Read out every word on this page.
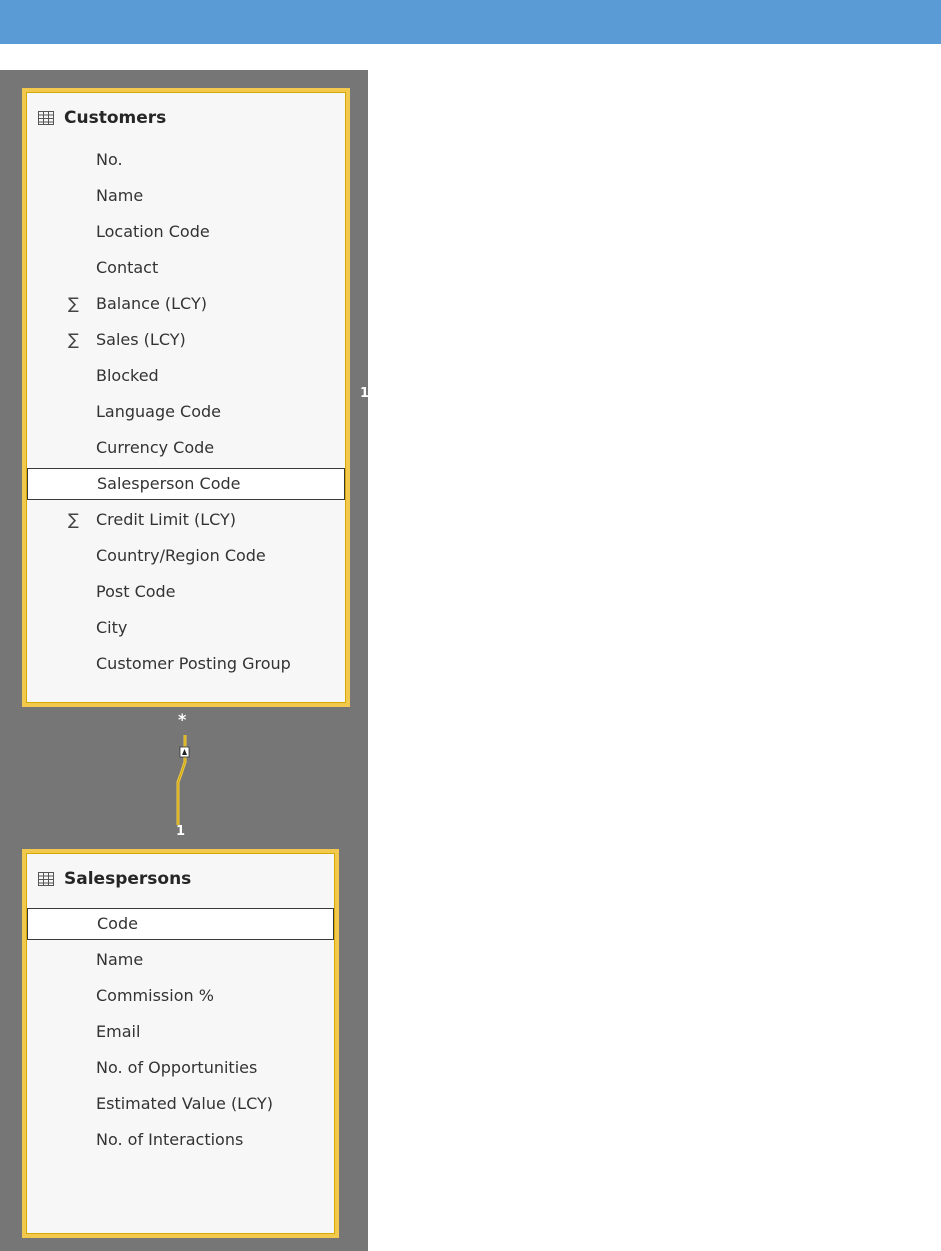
Customers
No.
Name
Location Code
Contact
∑ Balance (LCY)
∑ Sales (LCY)
Blocked
Language Code
Currency Code
Salesperson Code
∑ Credit Limit (LCY)
Country/Region Code
Post Code
City
Customer Posting Group
*
1
1
Salespersons
Code
Name
Commission %
Email
No. of Opportunities
Estimated Value (LCY)
No. of Interactions
